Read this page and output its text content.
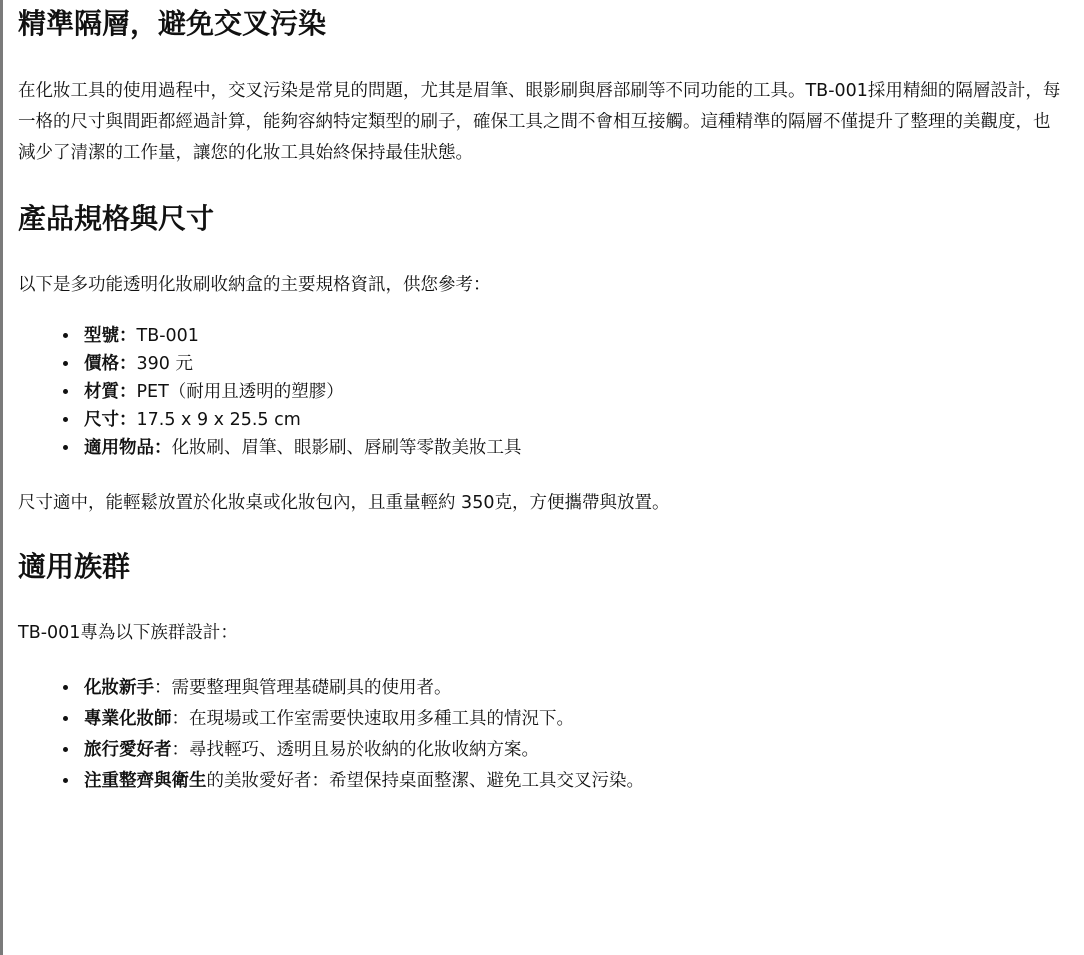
精準隔層，避免交叉污染

在化妝工具的使用過程中，交叉污染是常見的問題，尤其是眉筆、眼影刷與唇部刷等不同功能的工具。TB-001採用精細的隔層設計，每一格的尺寸與間距都經過計算，能夠容納特定類型的刷子，確保工具之間不會相互接觸。這種精準的隔層不僅提升了整理的美觀度，也減少了清潔的工作量，讓您的化妝工具始終保持最佳狀態。

產品規格與尺寸

以下是多功能透明化妝刷收納盒的主要規格資訊，供您參考：

• 型號：TB-001
• 價格：390 元
• 材質：PET（耐用且透明的塑膠）
• 尺寸：17.5 x 9 x 25.5 cm
• 適用物品：化妝刷、眉筆、眼影刷、唇刷等零散美妝工具

尺寸適中，能輕鬆放置於化妝桌或化妝包內，且重量輕約 350克，方便攜帶與放置。

適用族群

TB-001專為以下族群設計：

• 化妝新手：需要整理與管理基礎刷具的使用者。
• 專業化妝師：在現場或工作室需要快速取用多種工具的情況下。
• 旅行愛好者：尋找輕巧、透明且易於收納的化妝收納方案。
• 注重整齊與衛生的美妝愛好者：希望保持桌面整潔、避免工具交叉污染。
